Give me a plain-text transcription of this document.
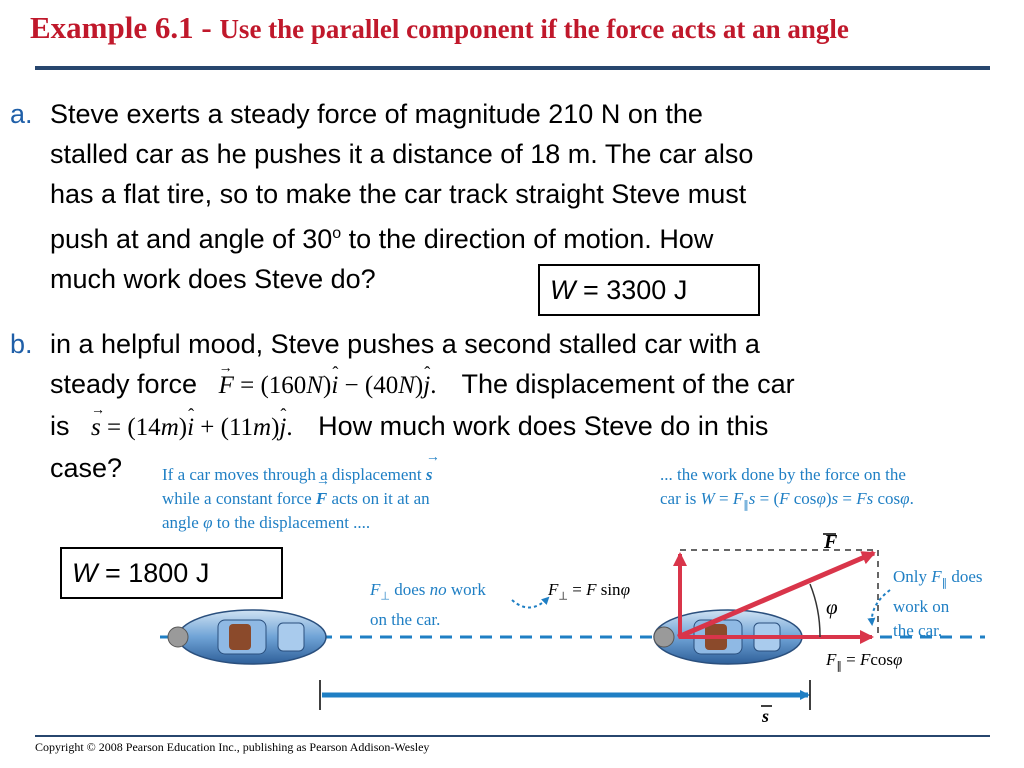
Example 6.1 - Use the parallel component if the force acts at an angle
a. Steve exerts a steady force of magnitude 210 N on the
stalled car as he pushes it a distance of 18 m. The car also
has a flat tire, so to make the car track straight Steve must
push at and angle of 30$^o$ to the direction of motion. How
much work does Steve do?	W = 3300 J
b. in a helpful mood, Steve pushes a second stalled car with a
steady force → F = (160N)ˆ i − (40N)ˆ j. The displacement of the car
is → s = (14m)ˆ i + (11m)ˆ j. How much work does Steve do in this
case?	If a car moves through a displacement → s
while a constant force → F acts on it at an
angle φ to the displacement ....
... the work done by the force on the
car is $W = F_\parallel s = (F$ cosφ)s = Fs cosφ.
F
φ
s
$F_\perp$ does no work
on the car.
$F_\perp = F$ sinφ
Only $F_\parallel$ does
work on
the car.
$F_\parallel = Fcos\varphi$
W = 1800 J
Copyright © 2008 Pearson Education Inc., publishing as Pearson Addison-Wesley
